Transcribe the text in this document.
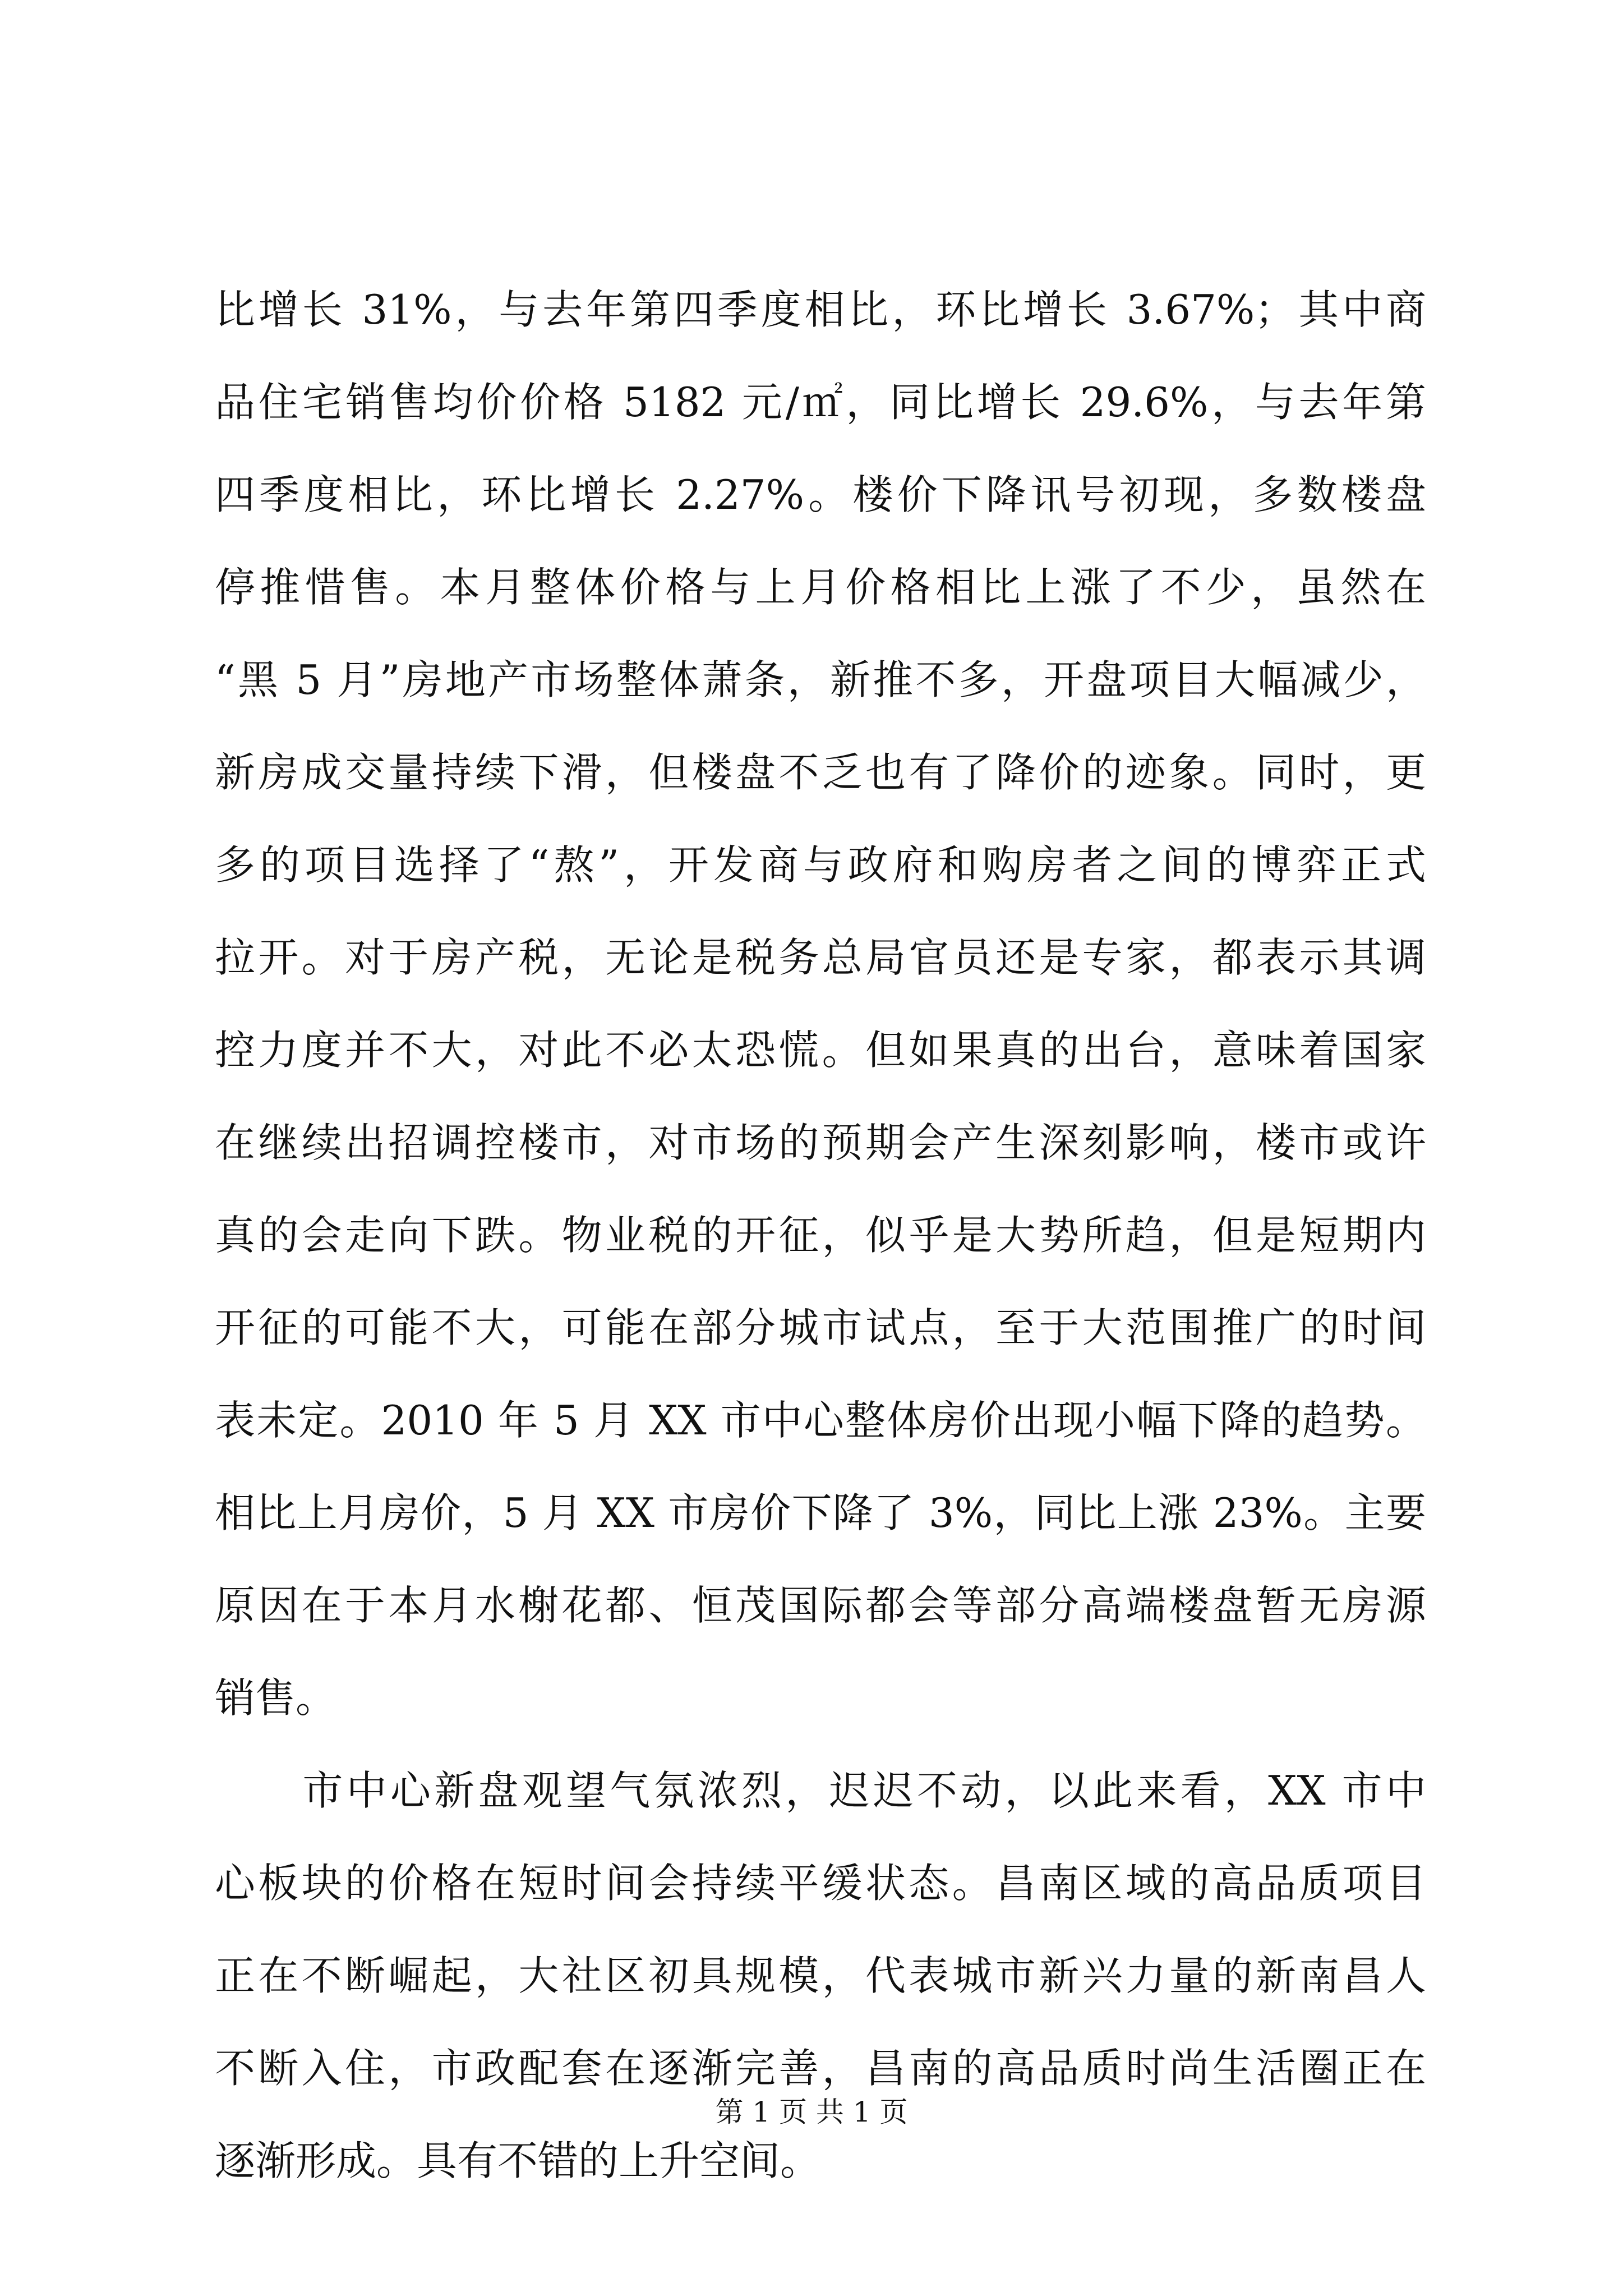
比增长 31%，与去年第四季度相比，环比增长 3.67%；其中商
品住宅销售均价价格 5182 元/㎡，同比增长 29.6%，与去年第
四季度相比，环比增长 2.27%。楼价下降讯号初现，多数楼盘
停推惜售。本月整体价格与上月价格相比上涨了不少，虽然在
“黑 5 月”房地产市场整体萧条，新推不多，开盘项目大幅减少，
新房成交量持续下滑，但楼盘不乏也有了降价的迹象。同时，更
多的项目选择了“熬”，开发商与政府和购房者之间的博弈正式
拉开。对于房产税，无论是税务总局官员还是专家，都表示其调
控力度并不大，对此不必太恐慌。但如果真的出台，意味着国家
在继续出招调控楼市，对市场的预期会产生深刻影响，楼市或许
真的会走向下跌。物业税的开征，似乎是大势所趋，但是短期内
开征的可能不大，可能在部分城市试点，至于大范围推广的时间
表未定。2010 年 5 月 XX 市中心整体房价出现小幅下降的趋势。
相比上月房价，5 月 XX 市房价下降了 3%，同比上涨 23%。主要
原因在于本月水榭花都、恒茂国际都会等部分高端楼盘暂无房源
销售。
　　市中心新盘观望气氛浓烈，迟迟不动，以此来看，XX 市中
心板块的价格在短时间会持续平缓状态。昌南区域的高品质项目
正在不断崛起，大社区初具规模，代表城市新兴力量的新南昌人
不断入住，市政配套在逐渐完善，昌南的高品质时尚生活圈正在
逐渐形成。具有不错的上升空间。
第 1 页 共 1 页
